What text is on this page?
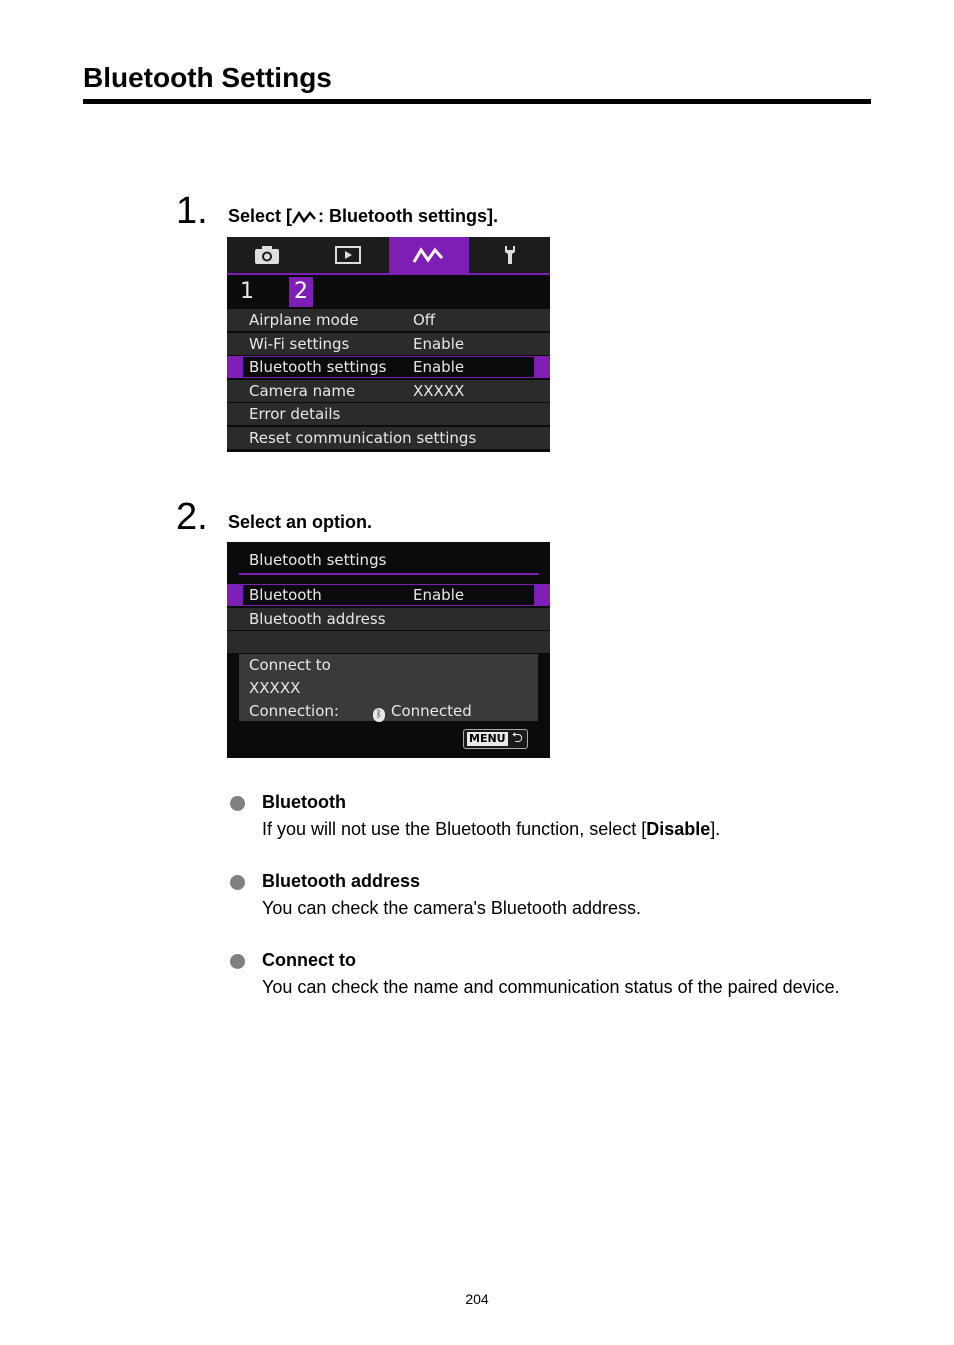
Bluetooth Settings
1. Select [ : Bluetooth settings].
1 2
Airplane mode	Off
Wi-Fi settings	Enable
Bluetooth settings Enable
Camera name	XXXXX
Error details
Reset communication settings
2. Select an option.
Bluetooth settings
Bluetooth	Enable
Bluetooth address
Connect to
XXXXX
Connection:	ᛒ Connected
MENU ⮌
Bluetooth
If you will not use the Bluetooth function, select [Disable].
Bluetooth address
You can check the camera's Bluetooth address.
Connect to
You can check the name and communication status of the paired device.
204
